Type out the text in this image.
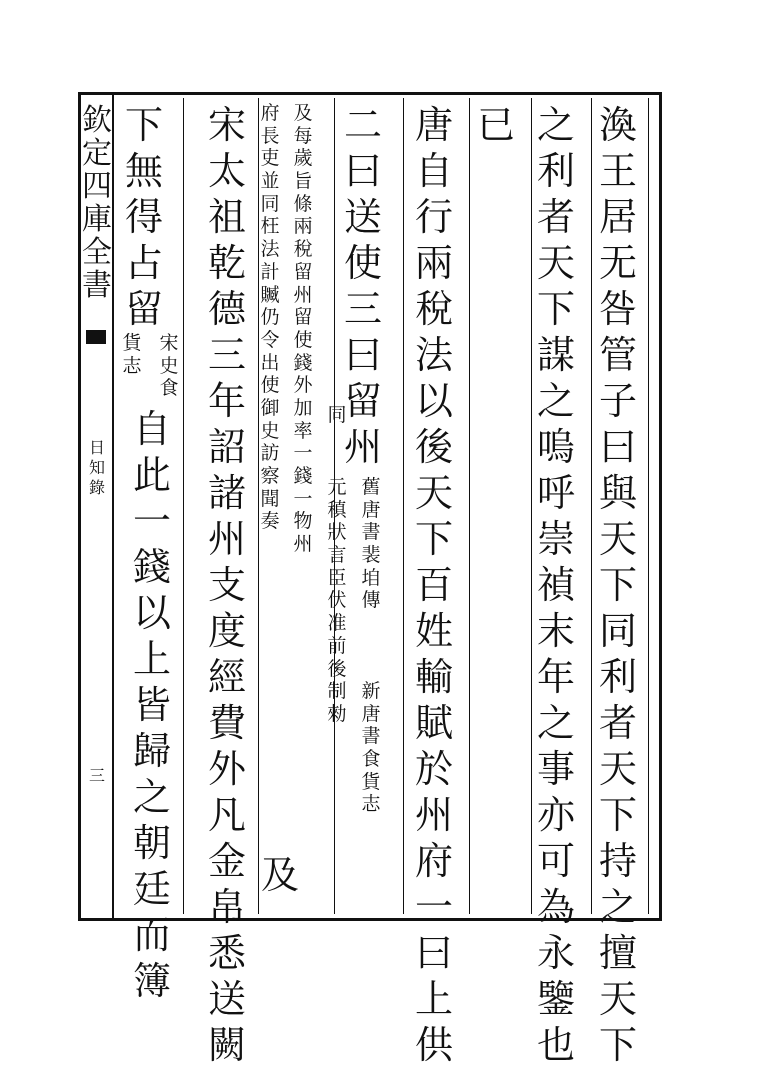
欽
定
四
庫
全
書
日
知
錄
三
渙
王
居
无
咎
管
子
曰
與
天
下
同
利
者
天
下
持
之
擅
天
下
之
利
者
天
下
謀
之
嗚
呼
崇
禎
末
年
之
事
亦
可
為
永
鑒
也
已
唐
自
行
兩
稅
法
以
後
天
下
百
姓
輸
賦
於
州
府
一
曰
上
供
二
曰
送
使
三
曰
留
州
舊
唐
書
裴
垍
傳
新
唐
書
食
貨
志
同
元
稹
狀
言
臣
伏
准
前
後
制
勑
及
每
歲
旨
條
兩
稅
留
州
留
使
錢
外
加
率
一
錢
一
物
州
府
長
吏
並
同
枉
法
計
贓
仍
令
出
使
御
史
訪
察
聞
奏
及
宋
太
祖
乾
德
三
年
詔
諸
州
支
度
經
費
外
凡
金
帛
悉
送
闕
下
無
得
占
留
宋
史
食
貨
志
自
此
一
錢
以
上
皆
歸
之
朝
廷
而
簿
